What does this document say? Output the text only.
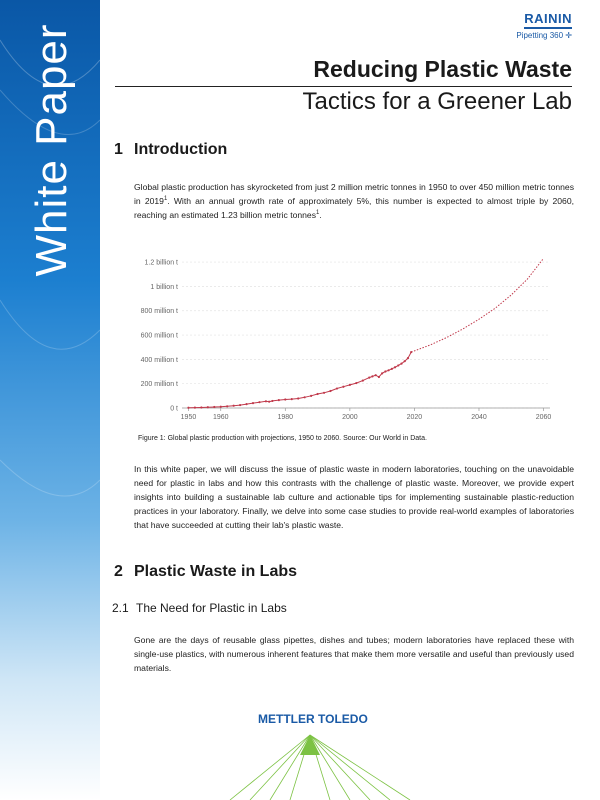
White Paper
RAININ
Pipetting 360 ✛
Reducing Plastic Waste
Tactics for a Greener Lab
1 Introduction
Global plastic production has skyrocketed from just 2 million metric tonnes in 1950 to over 450 million metric tonnes in 2019$^1$. With an annual growth rate of approximately 5%, this number is expected to almost triple by 2060, reaching an estimated 1.23 billion metric tonnes$^1$.
0 t
200 million t
400 million t
600 million t
800 million t
1 billion t
1.2 billion t
1950 1960	1980	2000	2020	2040	2060
Figure 1: Global plastic production with projections, 1950 to 2060. Source: Our World in Data.
In this white paper, we will discuss the issue of plastic waste in modern laboratories, touching on the unavoidable need for plastic in labs and how this contrasts with the challenge of plastic waste. Moreover, we provide expert insights into building a sustainable lab culture and actionable tips for implementing sustainable plastic-reduction practices in your laboratory. Finally, we delve into some case studies to provide real-world examples of laboratories that have succeeded at cutting their lab's plastic waste.
2 Plastic Waste in Labs
2.1 The Need for Plastic in Labs
Gone are the days of reusable glass pipettes, dishes and tubes; modern laboratories have replaced these with single-use plastics, with numerous inherent features that make them more versatile and useful than previously used materials.
METTLER TOLEDO
